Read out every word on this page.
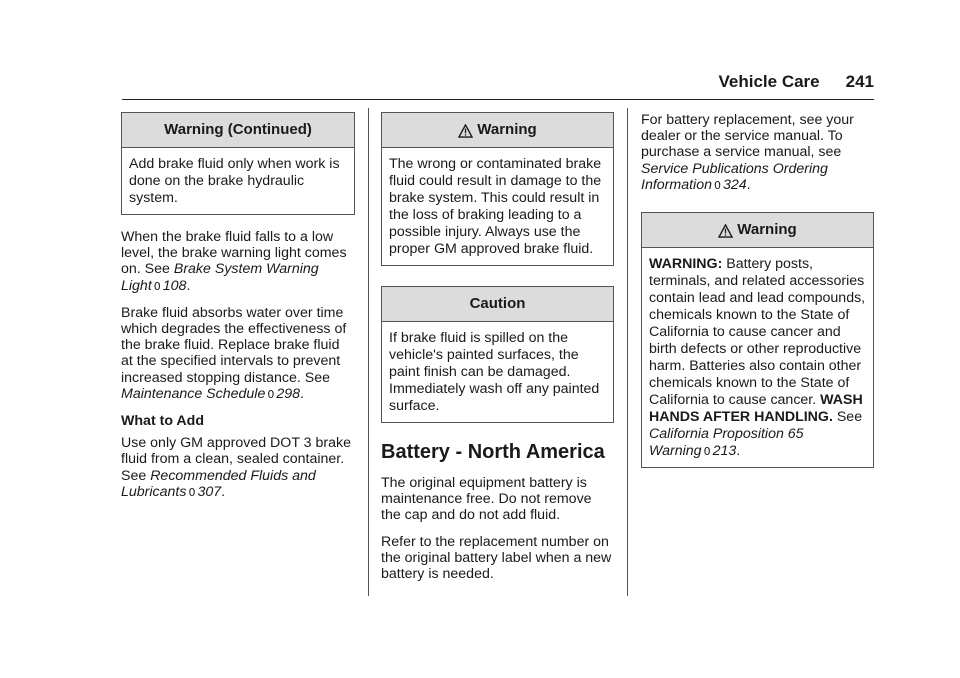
Vehicle Care 241
Warning (Continued)
Add brake fluid only when work is done on the brake hydraulic system.

When the brake fluid falls to a low level, the brake warning light comes on. See Brake System Warning Light 0 108.

Brake fluid absorbs water over time which degrades the effectiveness of the brake fluid. Replace brake fluid at the specified intervals to prevent increased stopping distance. See Maintenance Schedule 0 298.

What to Add

Use only GM approved DOT 3 brake fluid from a clean, sealed container. See Recommended Fluids and Lubricants 0 307.

Warning
The wrong or contaminated brake fluid could result in damage to the brake system. This could result in the loss of braking leading to a possible injury. Always use the proper GM approved brake fluid.
Caution
If brake fluid is spilled on the vehicle's painted surfaces, the paint finish can be damaged. Immediately wash off any painted surface.
Battery - North America

The original equipment battery is maintenance free. Do not remove the cap and do not add fluid.

Refer to the replacement number on the original battery label when a new battery is needed.

For battery replacement, see your dealer or the service manual. To purchase a service manual, see Service Publications Ordering Information 0 324.

Warning
WARNING: Battery posts, terminals, and related accessories contain lead and lead compounds, chemicals known to the State of California to cause cancer and birth defects or other reproductive harm. Batteries also contain other chemicals known to the State of California to cause cancer. WASH HANDS AFTER HANDLING. See California Proposition 65 Warning 0 213.
